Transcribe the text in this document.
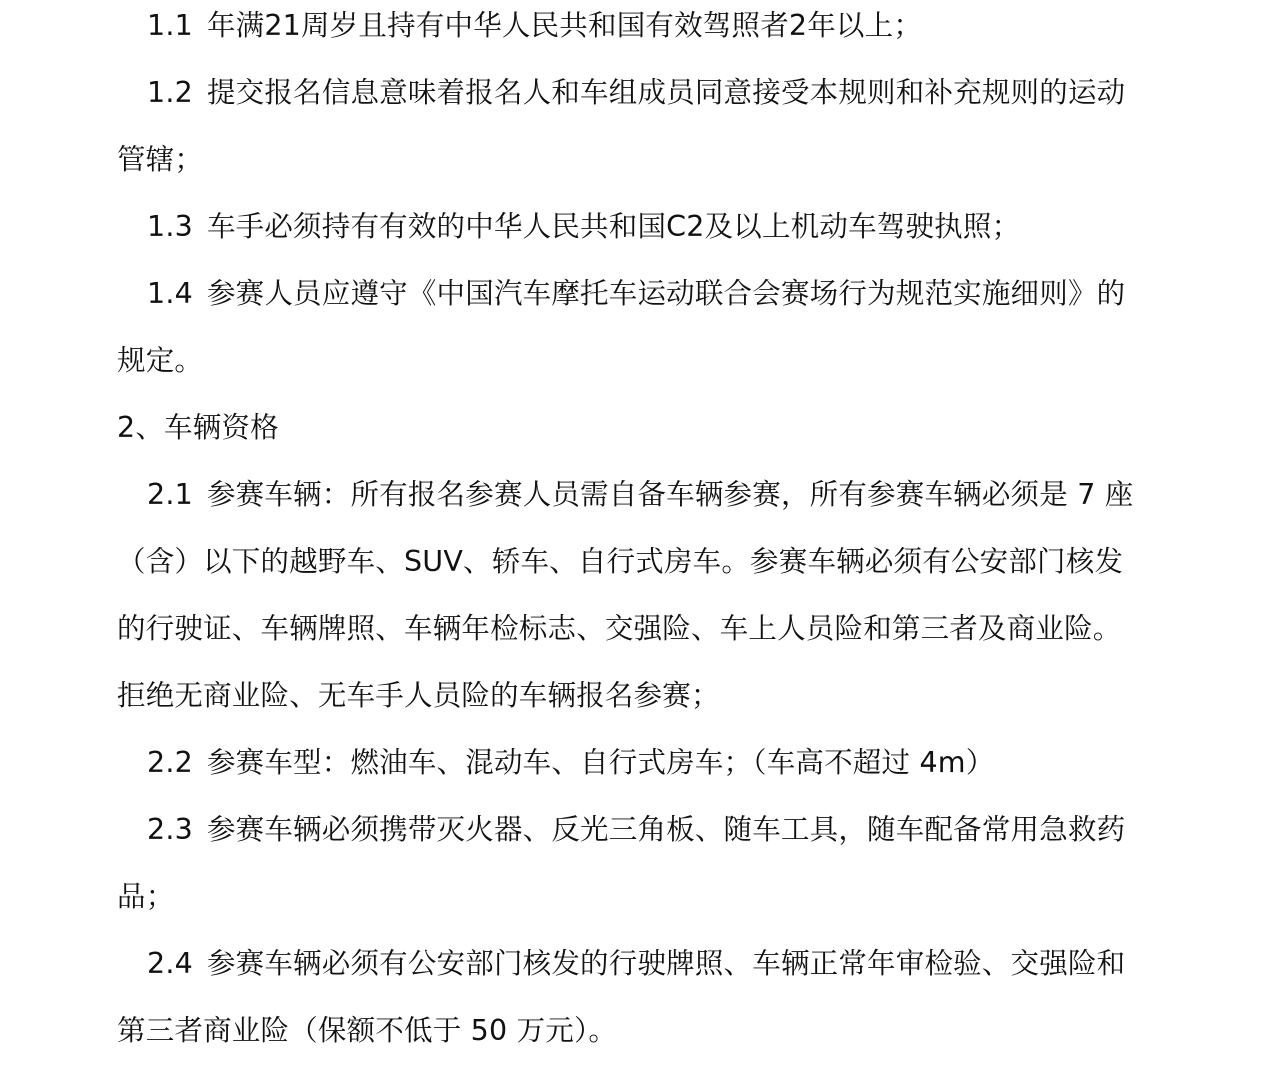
1.1 年满21周岁且持有中华人民共和国有效驾照者2年以上；
1.2 提交报名信息意味着报名人和车组成员同意接受本规则和补充规则的运动
管辖；
1.3 车手必须持有有效的中华人民共和国C2及以上机动车驾驶执照；
1.4 参赛人员应遵守《中国汽车摩托车运动联合会赛场行为规范实施细则》的
规定。
2、车辆资格
2.1 参赛车辆：所有报名参赛人员需自备车辆参赛，所有参赛车辆必须是 7 座
（含）以下的越野车、SUV、轿车、自行式房车。参赛车辆必须有公安部门核发
的行驶证、车辆牌照、车辆年检标志、交强险、车上人员险和第三者及商业险。
拒绝无商业险、无车手人员险的车辆报名参赛；
2.2 参赛车型：燃油车、混动车、自行式房车；（车高不超过 4m）
2.3 参赛车辆必须携带灭火器、反光三角板、随车工具，随车配备常用急救药
品；
2.4 参赛车辆必须有公安部门核发的行驶牌照、车辆正常年审检验、交强险和
第三者商业险（保额不低于 50 万元）。
